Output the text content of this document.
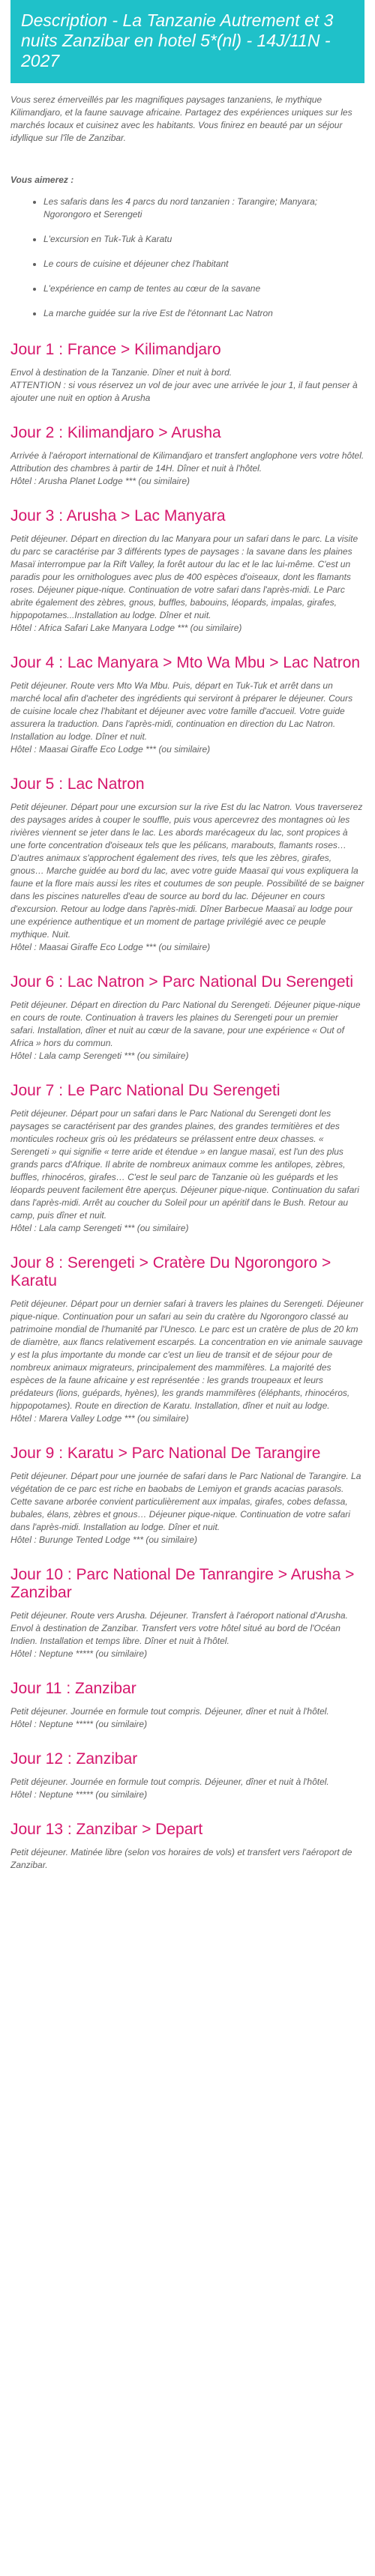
Description - La Tanzanie Autrement et 3 nuits Zanzibar en hotel 5*(nl) - 14J/11N - 2027

Vous serez émerveillés par les magnifiques paysages tanzaniens, le mythique Kilimandjaro, et la faune sauvage africaine. Partagez des expériences uniques sur les marchés locaux et cuisinez avec les habitants. Vous finirez en beauté par un séjour idyllique sur l'île de Zanzibar.

Vous aimerez :

• Les safaris dans les 4 parcs du nord tanzanien : Tarangire; Manyara; Ngorongoro et Serengeti
• L'excursion en Tuk-Tuk à Karatu
• Le cours de cuisine et déjeuner chez l'habitant
• L'expérience en camp de tentes au cœur de la savane
• La marche guidée sur la rive Est de l'étonnant Lac Natron
Jour 1 : France > Kilimandjaro

Envol à destination de la Tanzanie. Dîner et nuit à bord.
ATTENTION : si vous réservez un vol de jour avec une arrivée le jour 1, il faut penser à ajouter une nuit en option à Arusha

Jour 2 : Kilimandjaro > Arusha

Arrivée à l'aéroport international de Kilimandjaro et transfert anglophone vers votre hôtel. Attribution des chambres à partir de 14H. Dîner et nuit à l'hôtel.
Hôtel : Arusha Planet Lodge *** (ou similaire)

Jour 3 : Arusha > Lac Manyara

Petit déjeuner. Départ en direction du lac Manyara pour un safari dans le parc. La visite du parc se caractérise par 3 différents types de paysages : la savane dans les plaines Masaï interrompue par la Rift Valley, la forêt autour du lac et le lac lui-même. C'est un paradis pour les ornithologues avec plus de 400 espèces d'oiseaux, dont les flamants roses. Déjeuner pique-nique. Continuation de votre safari dans l'après-midi. Le Parc abrite également des zèbres, gnous, buffles, babouins, léopards, impalas, girafes, hippopotames...Installation au lodge. Dîner et nuit.
Hôtel : Africa Safari Lake Manyara Lodge *** (ou similaire)

Jour 4 : Lac Manyara > Mto Wa Mbu > Lac Natron

Petit déjeuner. Route vers Mto Wa Mbu. Puis, départ en Tuk-Tuk et arrêt dans un marché local afin d'acheter des ingrédients qui serviront à préparer le déjeuner. Cours de cuisine locale chez l'habitant et déjeuner avec votre famille d'accueil. Votre guide assurera la traduction. Dans l'après-midi, continuation en direction du Lac Natron. Installation au lodge. Dîner et nuit.
Hôtel : Maasai Giraffe Eco Lodge *** (ou similaire)

Jour 5 : Lac Natron

Petit déjeuner. Départ pour une excursion sur la rive Est du lac Natron. Vous traverserez des paysages arides à couper le souffle, puis vous apercevrez des montagnes où les rivières viennent se jeter dans le lac. Les abords marécageux du lac, sont propices à une forte concentration d'oiseaux tels que les pélicans, marabouts, flamants roses… D'autres animaux s'approchent également des rives, tels que les zèbres, girafes, gnous… Marche guidée au bord du lac, avec votre guide Maasaï qui vous expliquera la faune et la flore mais aussi les rites et coutumes de son peuple. Possibilité de se baigner dans les piscines naturelles d'eau de source au bord du lac. Déjeuner en cours d'excursion. Retour au lodge dans l'après-midi. Dîner Barbecue Maasaï au lodge pour une expérience authentique et un moment de partage privilégié avec ce peuple mythique. Nuit.
Hôtel : Maasai Giraffe Eco Lodge *** (ou similaire)

Jour 6 : Lac Natron > Parc National Du Serengeti

Petit déjeuner. Départ en direction du Parc National du Serengeti. Déjeuner pique-nique en cours de route. Continuation à travers les plaines du Serengeti pour un premier safari. Installation, dîner et nuit au cœur de la savane, pour une expérience « Out of Africa » hors du commun.
Hôtel : Lala camp Serengeti *** (ou similaire)

Jour 7 : Le Parc National Du Serengeti

Petit déjeuner. Départ pour un safari dans le Parc National du Serengeti dont les paysages se caractérisent par des grandes plaines, des grandes termitières et des monticules rocheux gris où les prédateurs se prélassent entre deux chasses. « Serengeti » qui signifie « terre aride et étendue » en langue masaï, est l'un des plus grands parcs d'Afrique. Il abrite de nombreux animaux comme les antilopes, zèbres, buffles, rhinocéros, girafes… C'est le seul parc de Tanzanie où les guépards et les léopards peuvent facilement être aperçus. Déjeuner pique-nique. Continuation du safari dans l'après-midi. Arrêt au coucher du Soleil pour un apéritif dans le Bush. Retour au camp, puis dîner et nuit.
Hôtel : Lala camp Serengeti *** (ou similaire)

Jour 8 : Serengeti > Cratère Du Ngorongoro > Karatu

Petit déjeuner. Départ pour un dernier safari à travers les plaines du Serengeti. Déjeuner pique-nique. Continuation pour un safari au sein du cratère du Ngorongoro classé au patrimoine mondial de l'humanité par l'Unesco. Le parc est un cratère de plus de 20 km de diamètre, aux flancs relativement escarpés. La concentration en vie animale sauvage y est la plus importante du monde car c'est un lieu de transit et de séjour pour de nombreux animaux migrateurs, principalement des mammifères. La majorité des espèces de la faune africaine y est représentée : les grands troupeaux et leurs prédateurs (lions, guépards, hyènes), les grands mammifères (éléphants, rhinocéros, hippopotames). Route en direction de Karatu. Installation, dîner et nuit au lodge.
Hôtel : Marera Valley Lodge *** (ou similaire)

Jour 9 : Karatu > Parc National De Tarangire

Petit déjeuner. Départ pour une journée de safari dans le Parc National de Tarangire. La végétation de ce parc est riche en baobabs de Lemiyon et grands acacias parasols. Cette savane arborée convient particulièrement aux impalas, girafes, cobes defassa, bubales, élans, zèbres et gnous… Déjeuner pique-nique. Continuation de votre safari dans l'après-midi. Installation au lodge. Dîner et nuit.
Hôtel : Burunge Tented Lodge *** (ou similaire)

Jour 10 : Parc National De Tanrangire > Arusha > Zanzibar

Petit déjeuner. Route vers Arusha. Déjeuner. Transfert à l'aéroport national d'Arusha. Envol à destination de Zanzibar. Transfert vers votre hôtel situé au bord de l'Océan Indien. Installation et temps libre. Dîner et nuit à l'hôtel.
Hôtel : Neptune ***** (ou similaire)

Jour 11 : Zanzibar

Petit déjeuner. Journée en formule tout compris. Déjeuner, dîner et nuit à l'hôtel.
Hôtel : Neptune ***** (ou similaire)

Jour 12 : Zanzibar

Petit déjeuner. Journée en formule tout compris. Déjeuner, dîner et nuit à l'hôtel.
Hôtel : Neptune ***** (ou similaire)

Jour 13 : Zanzibar > Depart

Petit déjeuner. Matinée libre (selon vos horaires de vols) et transfert vers l'aéroport de Zanzibar.
